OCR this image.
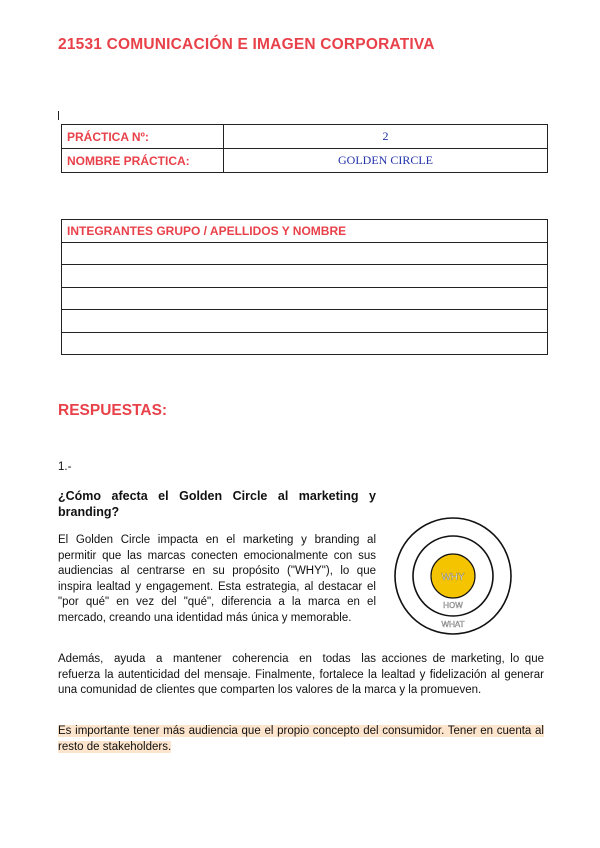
21531 COMUNICACIÓN E IMAGEN CORPORATIVA
PRÁCTICA Nº:	2
NOMBRE PRÁCTICA:	GOLDEN CIRCLE
INTEGRANTES GRUPO / APELLIDOS Y NOMBRE

RESPUESTAS:
1.-
¿Cómo afecta el Golden Circle al marketing y branding?

El Golden Circle impacta en el marketing y branding al permitir que las marcas conecten emocionalmente con sus audiencias al centrarse en su propósito ("WHY"), lo que inspira lealtad y engagement. Esta estrategia, al destacar el "por qué" en vez del "qué", diferencia a la marca en el mercado, creando una identidad más única y memorable.

Además, ayuda a mantener coherencia en todas las acciones de marketing, lo que refuerza la autenticidad del mensaje. Finalmente, fortalece la lealtad y fidelización al generar una comunidad de clientes que comparten los valores de la marca y la promueven.

Es importante tener más audiencia que el propio concepto del consumidor. Tener en cuenta al resto de stakeholders.

WHY
HOW
WHAT
